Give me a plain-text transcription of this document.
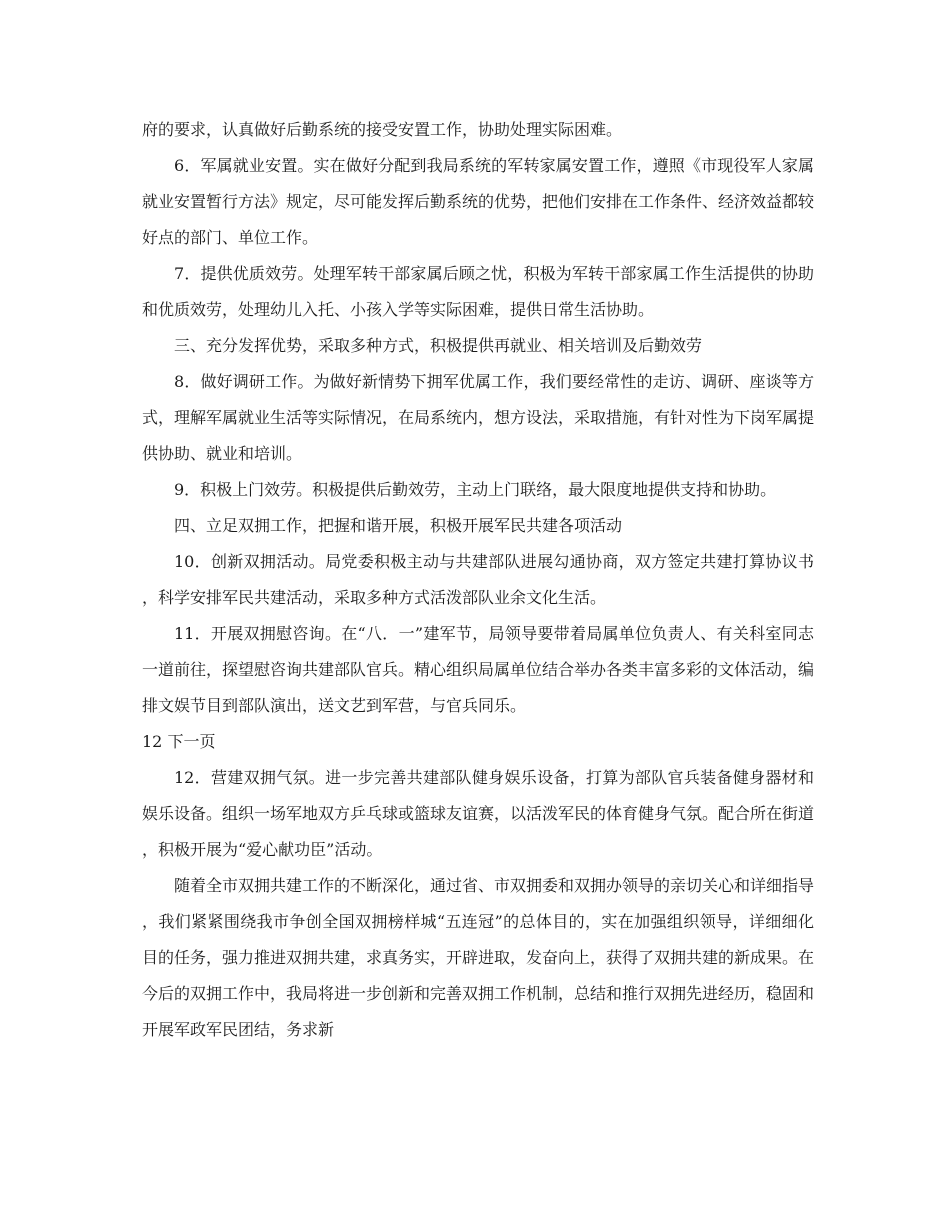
府的要求，认真做好后勤系统的接受安置工作，协助处理实际困难。

6．军属就业安置。实在做好分配到我局系统的军转家属安置工作，遵照《市现役军人家属就业安置暂行方法》规定，尽可能发挥后勤系统的优势，把他们安排在工作条件、经济效益都较好点的部门、单位工作。

7．提供优质效劳。处理军转干部家属后顾之忧，积极为军转干部家属工作生活提供的协助和优质效劳，处理幼儿入托、小孩入学等实际困难，提供日常生活协助。

三、充分发挥优势，采取多种方式，积极提供再就业、相关培训及后勤效劳

8．做好调研工作。为做好新情势下拥军优属工作，我们要经常性的走访、调研、座谈等方式，理解军属就业生活等实际情况，在局系统内，想方设法，采取措施，有针对性为下岗军属提供协助、就业和培训。

9．积极上门效劳。积极提供后勤效劳，主动上门联络，最大限度地提供支持和协助。

四、立足双拥工作，把握和谐开展，积极开展军民共建各项活动

10．创新双拥活动。局党委积极主动与共建部队进展勾通协商，双方签定共建打算协议书，科学安排军民共建活动，采取多种方式活泼部队业余文化生活。

11．开展双拥慰咨询。在“八．一”建军节，局领导要带着局属单位负责人、有关科室同志一道前往，探望慰咨询共建部队官兵。精心组织局属单位结合举办各类丰富多彩的文体活动，编排文娱节目到部队演出，送文艺到军营，与官兵同乐。

12 下一页

12．营建双拥气氛。进一步完善共建部队健身娱乐设备，打算为部队官兵装备健身器材和娱乐设备。组织一场军地双方乒乓球或篮球友谊赛，以活泼军民的体育健身气氛。配合所在街道，积极开展为“爱心献功臣”活动。

随着全市双拥共建工作的不断深化，通过省、市双拥委和双拥办领导的亲切关心和详细指导，我们紧紧围绕我市争创全国双拥榜样城“五连冠”的总体目的，实在加强组织领导，详细细化目的任务，强力推进双拥共建，求真务实，开辟进取，发奋向上，获得了双拥共建的新成果。在今后的双拥工作中，我局将进一步创新和完善双拥工作机制，总结和推行双拥先进经历，稳固和开展军政军民团结，务求新
